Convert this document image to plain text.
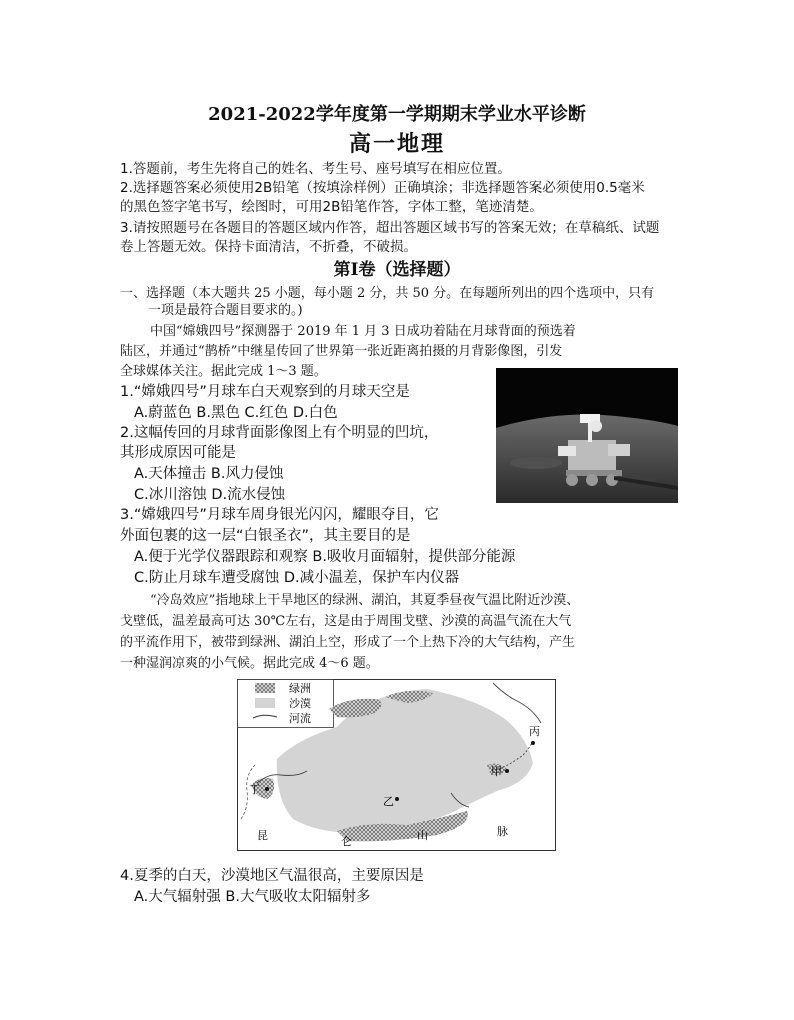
2021-2022学年度第一学期期末学业水平诊断
高一地理
1.答题前，考生先将自己的姓名、考生号、座号填写在相应位置。
2.选择题答案必须使用2B铅笔（按填涂样例）正确填涂；非选择题答案必须使用0.5毫米
的黑色签字笔书写，绘图时，可用2B铅笔作答，字体工整，笔迹清楚。
3.请按照题号在各题目的答题区域内作答，超出答题区域书写的答案无效；在草稿纸、试题
卷上答题无效。保持卡面清洁，不折叠，不破损。
第Ⅰ卷（选择题）
一、选择题（本大题共 25 小题，每小题 2 分，共 50 分。在每题所列出的四个选项中，只有
一项是最符合题目要求的。)
中国“嫦娥四号”探测器于 2019 年 1 月 3 日成功着陆在月球背面的预选着
陆区，并通过“鹊桥”中继星传回了世界第一张近距离拍摄的月背影像图，引发
全球媒体关注。据此完成 1～3 题。
1.“嫦娥四号”月球车白天观察到的月球天空是
A.蔚蓝色 B.黑色 C.红色 D.白色
2.这幅传回的月球背面影像图上有个明显的凹坑，
其形成原因可能是
A.天体撞击 B.风力侵蚀
C.冰川溶蚀 D.流水侵蚀
3.“嫦娥四号”月球车周身银光闪闪，耀眼夺目，它
外面包裹的这一层“白银圣衣”，其主要目的是
A.便于光学仪器跟踪和观察 B.吸收月面辐射，提供部分能源
C.防止月球车遭受腐蚀 D.减小温差，保护车内仪器
“冷岛效应”指地球上干旱地区的绿洲、湖泊，其夏季昼夜气温比附近沙漠、
戈壁低，温差最高可达 30℃左右，这是由于周围戈壁、沙漠的高温气流在大气
的平流作用下，被带到绿洲、湖泊上空，形成了一个上热下冷的大气结构，产生
一种湿润凉爽的小气候。据此完成 4～6 题。
绿洲
沙漠
河流
丙
甲
乙
丁
昆	仑	山	脉
4.夏季的白天，沙漠地区气温很高，主要原因是
A.大气辐射强 B.大气吸收太阳辐射多
